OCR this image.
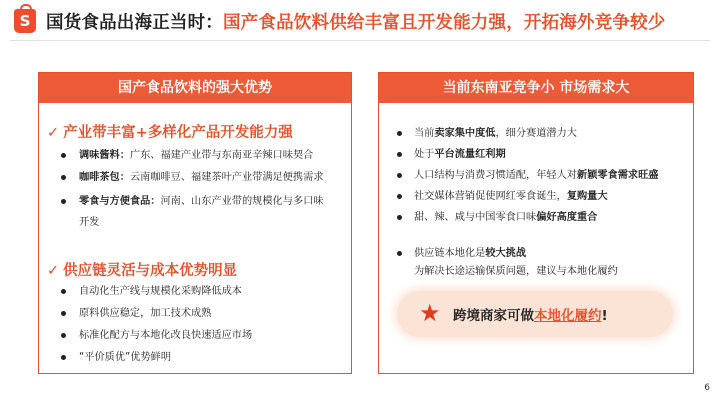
S 国货食品出海正当时：国产食品饮料供给丰富且开发能力强，开拓海外竞争较少
国产食品饮料的强大优势
✓ 产业带丰富+多样化产品开发能力强
调味酱料：广东、福建产业带与东南亚辛辣口味契合
咖啡茶包：云南咖啡豆、福建茶叶产业带满足便携需求
零食与方便食品：河南、山东产业带的规模化与多口味开发
✓ 供应链灵活与成本优势明显
自动化生产线与规模化采购降低成本
原料供应稳定，加工技术成熟
标准化配方与本地化改良快速适应市场
“平价质优”优势鲜明
当前东南亚竞争小 市场需求大
当前卖家集中度低，细分赛道潜力大
处于平台流量红利期
人口结构与消费习惯适配，年轻人对新颖零食需求旺盛
社交媒体营销促使网红零食诞生，复购量大
甜、辣、咸与中国零食口味偏好高度重合
供应链本地化是较大挑战
为解决长途运输保质问题，建议与本地化履约
★ 跨境商家可做本地化履约!
6
